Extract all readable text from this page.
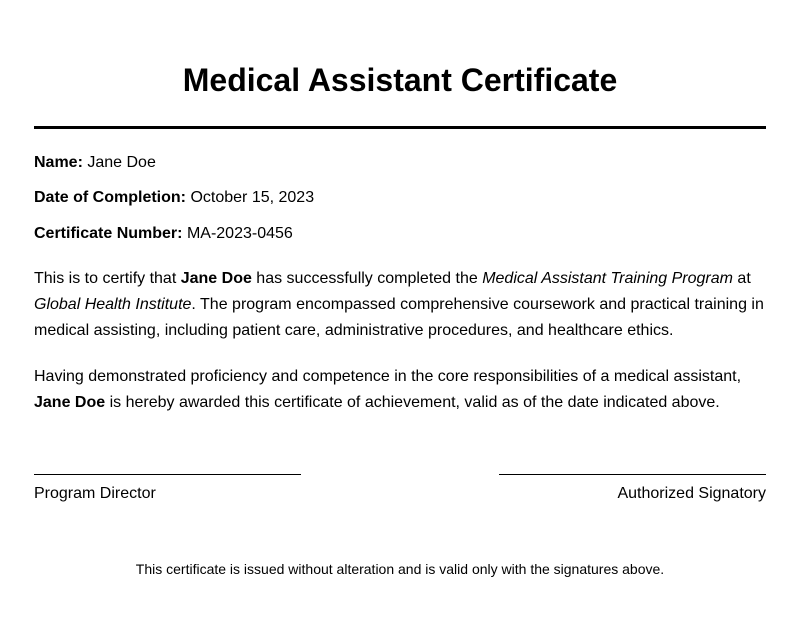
Medical Assistant Certificate
Name: Jane Doe
Date of Completion: October 15, 2023
Certificate Number: MA-2023-0456

This is to certify that Jane Doe has successfully completed the Medical Assistant Training Program at Global Health Institute. The program encompassed comprehensive coursework and practical training in medical assisting, including patient care, administrative procedures, and healthcare ethics.

Having demonstrated proficiency and competence in the core responsibilities of a medical assistant, Jane Doe is hereby awarded this certificate of achievement, valid as of the date indicated above.

Program Director	Authorized Signatory
This certificate is issued without alteration and is valid only with the signatures above.
